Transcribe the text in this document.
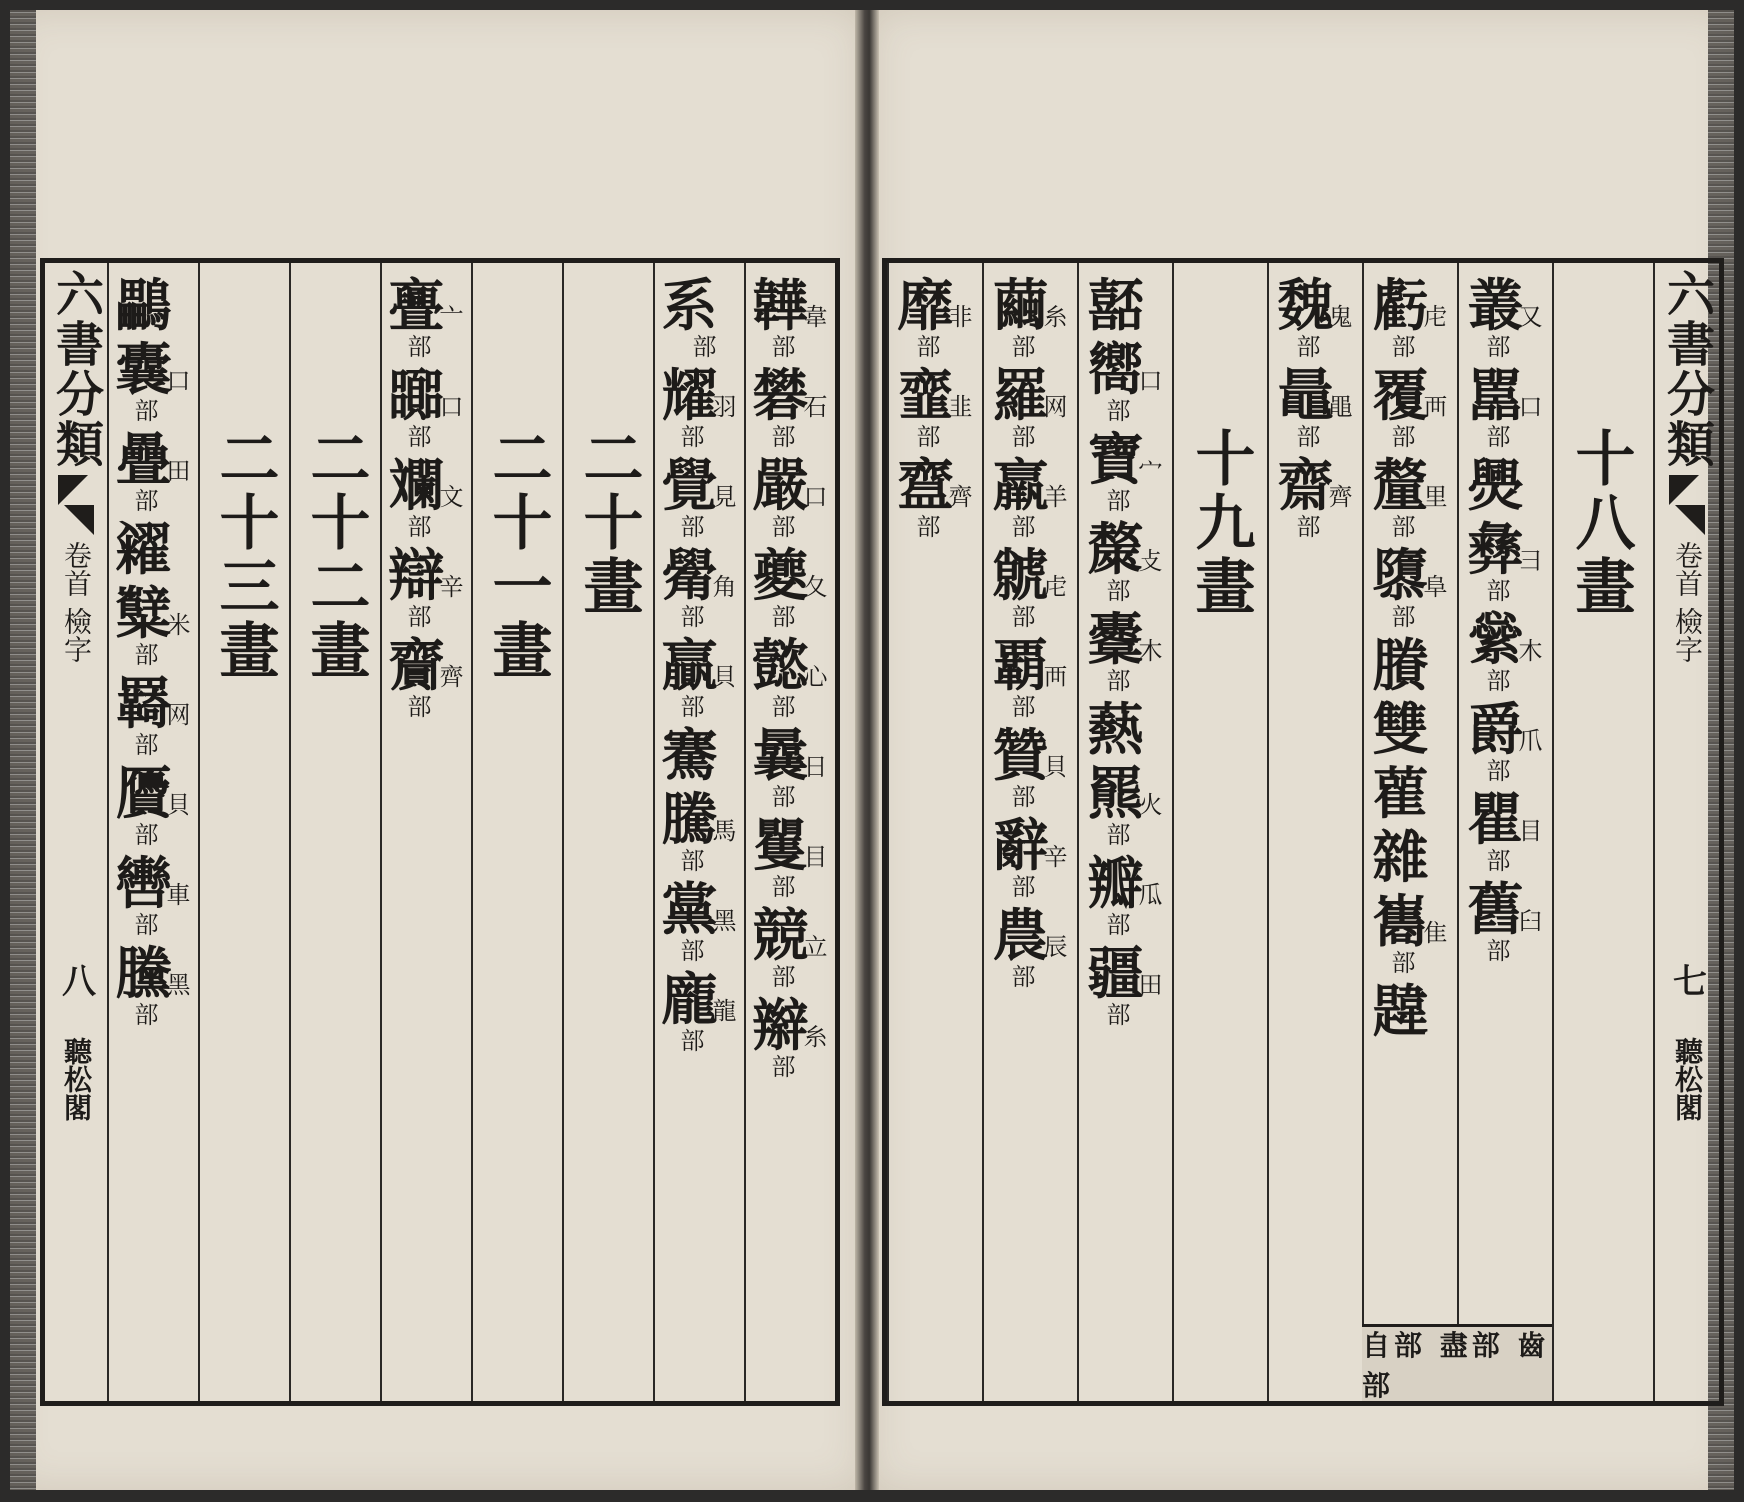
六書分類
卷首
檢字
八
聽松閣
鸓
囊
部
口
疊
部
田
糴
糱
部
米
羇
部
网
贗
部
貝
轡
部
車
黱
部
黑
二十三畫 二十二畫
亹
部
亠
嚻
部
口
斕
部
文
辯
部
辛
齎
部
齊 二十一畫 二十畫
系
部
耀
部
羽
覺
部
見
觷
部
角
贏
部
貝
騫
騰
部
馬
黨
部
黑
龐
部
龍
韡
部
韋
礬
部
石
嚴
部
口
夔
部
夂
懿
部
心
曩
部
日
矍
部
目
競
部
立
辮
部
糸
靡
部
非
韲
部
韭
齍
部
齊
繭
部
糸
羅
部
网
羸
部
羊
虩
部
虍
覇
部
襾
贊
部
貝
辭
部
辛
農
部
辰
嚭
嚮
部
口
寶
部
宀
斄
部
攴
櫜
部
木
爇
羆
部
火
瓣
部
瓜
疆
部
田
十九畫
魏
部
鬼
鼂
部
黽
齋
部
齊
虧
部
虍
覆
部
襾
釐
部
里
隳
部
阜
賸
雙
雚
雜
巂
部
隹
韙
叢
部
又
嚚
部
口
爂
彝
部
彐
繠
部
木
爵
部
爪
瞿
部
目
舊
部
臼
十八畫
六書分類
卷首
檢字
七
聽松閣
自部 盡部 齒部
